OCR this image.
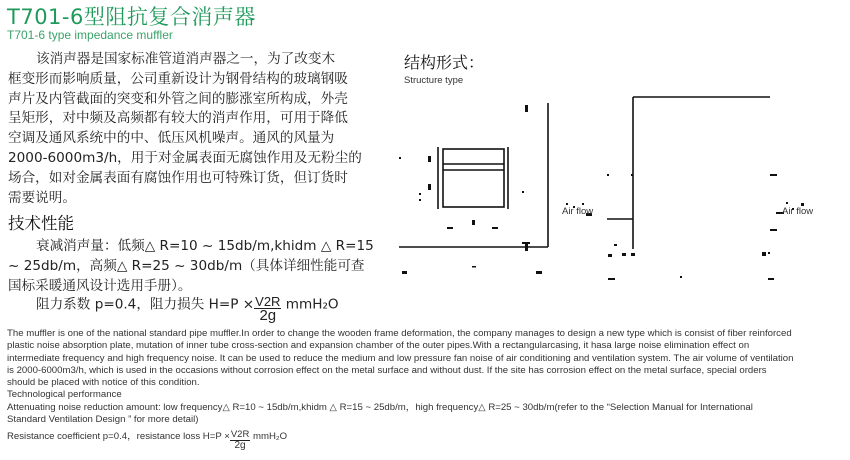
T701-6型阻抗复合消声器
T701-6 type impedance muffler
该消声器是国家标准管道消声器之一，为了改变木
框变形而影响质量，公司重新设计为钢骨结构的玻璃钢吸
声片及内管截面的突变和外管之间的膨涨室所构成，外壳
呈矩形，对中频及高频都有较大的消声作用，可用于降低
空调及通风系统中的中、低压风机噪声。通风的风量为
2000-6000m3/h，用于对金属表面无腐蚀作用及无粉尘的
场合，如对金属表面有腐蚀作用也可特殊订货，但订货时
需要说明。
技术性能
衰减消声量：低频△ R=10 ~ 15db/m,khidm △ R=15
~ 25db/m，高频△ R=25 ~ 30db/m（具体详细性能可查
国标采暖通风设计选用手册）。
阻力系数 p=0.4，阻力损失 $H=P \times \frac{V2R}{2g} mmH_2O$
结构形式：
Structure type
Air flow	Air flow
The muffler is one of the national standard pipe muffler.In order to change the wooden frame deformation, the company manages to design a new type which is consist of fiber reinforced
plastic noise absorption plate, mutation of inner tube cross-section and expansion chamber of the outer pipes.With a rectangularcasing, it hasa large noise elimination effect on
intermediate frequency and high frequency noise. It can be used to reduce the medium and low pressure fan noise of air conditioning and ventilation system. The air volume of ventilation
is 2000-6000m3/h, which is used in the occasions without corrosion effect on the metal surface and without dust. If the site has corrosion effect on the metal surface, special orders
should be placed with notice of this condition.
Technological performance
Attenuating noise reduction amount: low frequency△ R=10 ~ 15db/m,khidm △ R=15 ~ 25db/m，high frequency△ R=25 ~ 30db/m(refer to the “Selection Manual for International
Standard Ventilation Design ” for more detail)
Resistance coefficient p=0.4，resistance loss $H=P \times \frac{V2R}{2g} mmH_2O$
